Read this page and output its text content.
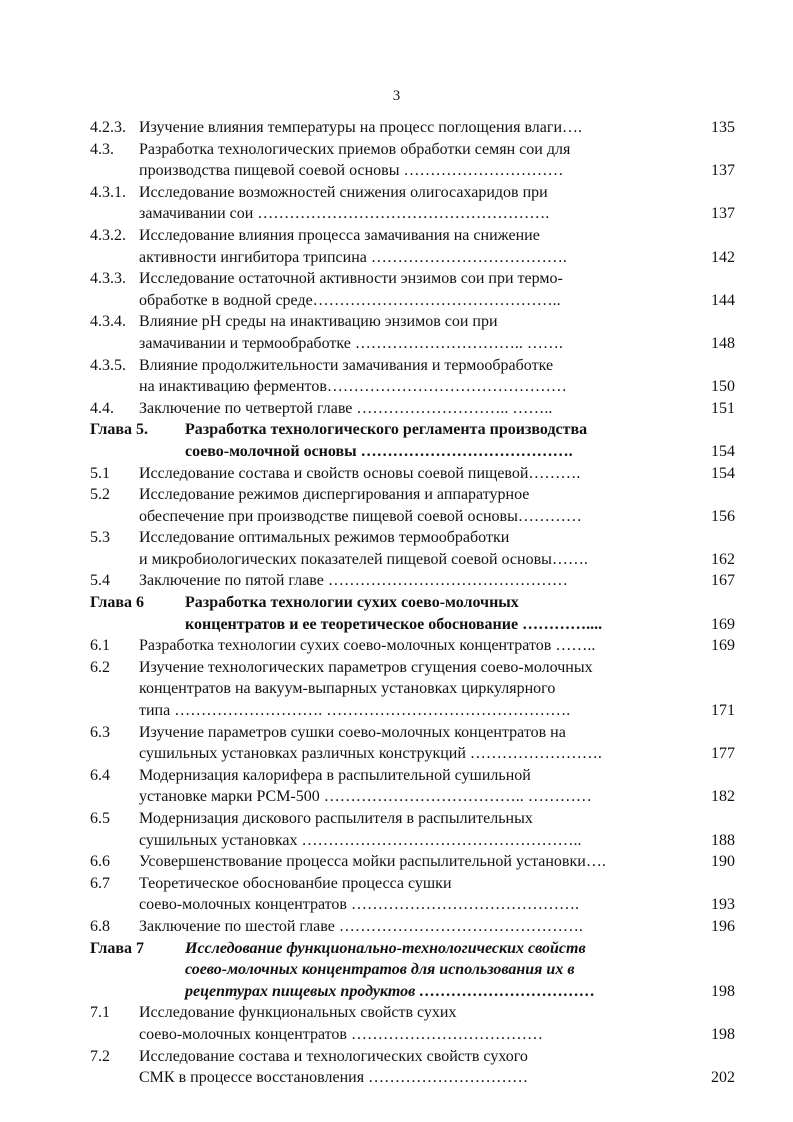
3
4.2.3. Изучение влияния температуры на процесс поглощения влаги….	135
4.3. Разработка технологических приемов обработки семян сои для
производства пищевой соевой основы …………………………	137
4.3.1. Исследование возможностей снижения олигосахаридов при
замачивании сои ……………………………………………….	137
4.3.2. Исследование влияния процесса замачивания на снижение
активности ингибитора трипсина ……………………………….	142
4.3.3. Исследование остаточной активности энзимов сои при термо-
обработке в водной среде………………………………………..	144
4.3.4. Влияние рН среды на инактивацию энзимов сои при
замачивании и термообработке ………………………….. …….	148
4.3.5. Влияние продолжительности замачивания и термообработке
на инактивацию ферментов………………………………………	150
4.4. Заключение по четвертой главе ……………………….. ……..	151
Глава 5. Разработка технологического регламента производства
соево-молочной основы ………………………………….	154
5.1 Исследование состава и свойств основы соевой пищевой……….	154
5.2 Исследование режимов диспергирования и аппаратурное
обеспечение при производстве пищевой соевой основы…………	156
5.3 Исследование оптимальных режимов термообработки
и микробиологических показателей пищевой соевой основы…….	162
5.4 Заключение по пятой главе ………………………………………	167
Глава 6	Разработка технологии сухих соево-молочных
концентратов и ее теоретическое обоснование …………....	169
6.1 Разработка технологии сухих соево-молочных концентратов ……..	169
6.2 Изучение технологических параметров сгущения соево-молочных
концентратов на вакуум-выпарных установках циркулярного
типа ………………………. ……………………………………….	171
6.3 Изучение параметров сушки соево-молочных концентратов на
сушильных установках различных конструкций …………………….	177
6.4 Модернизация калорифера в распылительной сушильной
установке марки РСМ-500 ……………………………….. …………	182
6.5 Модернизация дискового распылителя в распылительных
сушильных установках ……………………………………………..	188
6.6 Усовершенствование процесса мойки распылительной установки….	190
6.7 Теоретическое обоснованбие процесса сушки
соево-молочных концентратов …………………………………….	193
6.8 Заключение по шестой главе ……………………………………….	196
Глава 7	Исследование функционально-технологических свойств
соево-молочных концентратов для использования их в
рецептурах пищевых продуктов ……………………………	198
7.1 Исследование функциональных свойств сухих
соево-молочных концентратов ………………………………	198
7.2 Исследование состава и технологических свойств сухого
СМК в процессе восстановления …………………………	202
